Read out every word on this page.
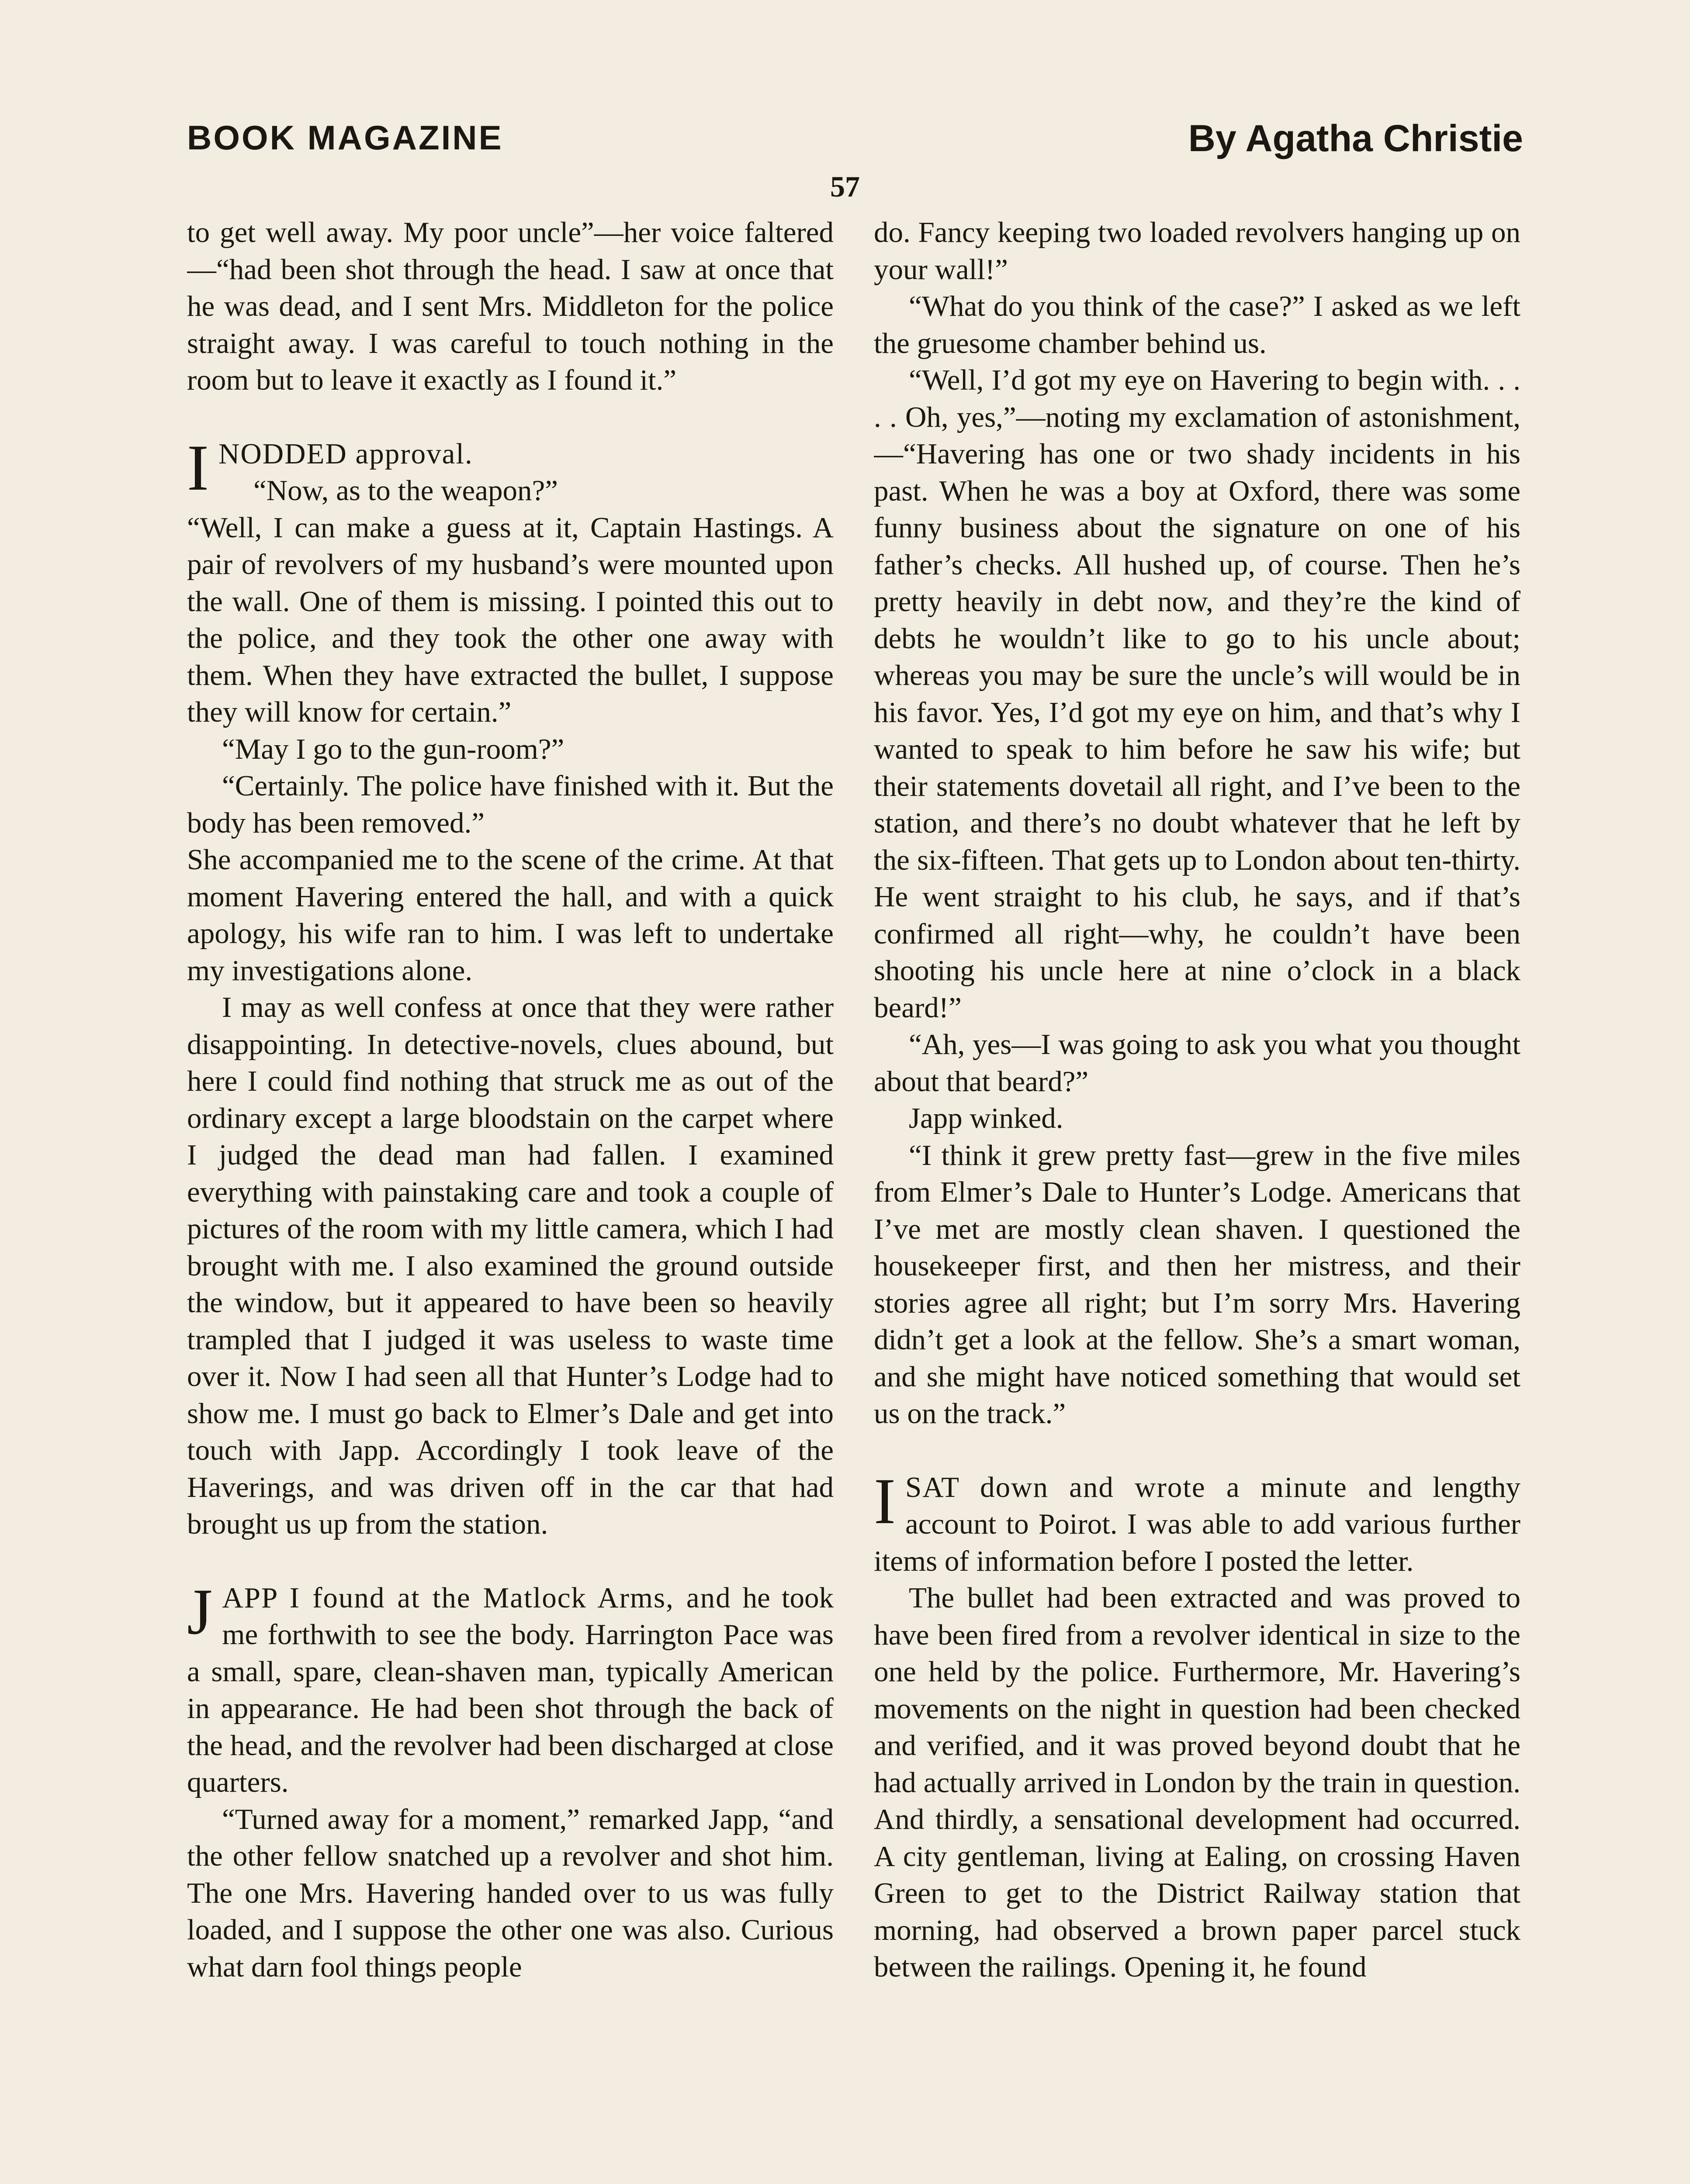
BOOK MAGAZINE	By Agatha Christie
57

to get well away. My poor uncle”—her voice faltered—“had been shot through the head. I saw at once that he was dead, and I sent Mrs. Middleton for the police straight away. I was careful to touch nothing in the room but to leave it exactly as I found it.”

I NODDED approval.

“Now, as to the weapon?”

“Well, I can make a guess at it, Captain Hastings. A pair of revolvers of my husband’s were mounted upon the wall. One of them is missing. I pointed this out to the police, and they took the other one away with them. When they have extracted the bullet, I suppose they will know for certain.”

“May I go to the gun-room?”

“Certainly. The police have finished with it. But the body has been removed.”

She accompanied me to the scene of the crime. At that moment Havering entered the hall, and with a quick apology, his wife ran to him. I was left to undertake my investigations alone.

I may as well confess at once that they were rather disappointing. In detective-novels, clues abound, but here I could find nothing that struck me as out of the ordinary except a large bloodstain on the carpet where I judged the dead man had fallen. I examined everything with painstaking care and took a couple of pictures of the room with my little camera, which I had brought with me. I also examined the ground outside the window, but it appeared to have been so heavily trampled that I judged it was useless to waste time over it. Now I had seen all that Hunter’s Lodge had to show me. I must go back to Elmer’s Dale and get into touch with Japp. Accordingly I took leave of the Haverings, and was driven off in the car that had brought us up from the station.

J APP I found at the Matlock Arms, and he took me forthwith to see the body. Harrington Pace was a small, spare, clean-shaven man, typically American in appearance. He had been shot through the back of the head, and the revolver had been discharged at close quarters.

“Turned away for a moment,” remarked Japp, “and the other fellow snatched up a revolver and shot him. The one Mrs. Havering handed over to us was fully loaded, and I suppose the other one was also. Curious what darn fool things people

do. Fancy keeping two loaded revolvers hanging up on your wall!”

“What do you think of the case?” I asked as we left the gruesome chamber behind us.

“Well, I’d got my eye on Havering to begin with. . . . . Oh, yes,”—noting my exclamation of astonishment,—“Havering has one or two shady incidents in his past. When he was a boy at Oxford, there was some funny business about the signature on one of his father’s checks. All hushed up, of course. Then he’s pretty heavily in debt now, and they’re the kind of debts he wouldn’t like to go to his uncle about; whereas you may be sure the uncle’s will would be in his favor. Yes, I’d got my eye on him, and that’s why I wanted to speak to him before he saw his wife; but their statements dovetail all right, and I’ve been to the station, and there’s no doubt whatever that he left by the six-fifteen. That gets up to London about ten-thirty. He went straight to his club, he says, and if that’s confirmed all right—why, he couldn’t have been shooting his uncle here at nine o’clock in a black beard!”

“Ah, yes—I was going to ask you what you thought about that beard?”

Japp winked.

“I think it grew pretty fast—grew in the five miles from Elmer’s Dale to Hunter’s Lodge. Americans that I’ve met are mostly clean shaven. I questioned the housekeeper first, and then her mistress, and their stories agree all right; but I’m sorry Mrs. Havering didn’t get a look at the fellow. She’s a smart woman, and she might have noticed something that would set us on the track.”

I SAT down and wrote a minute and lengthy account to Poirot. I was able to add various further items of information before I posted the letter.

The bullet had been extracted and was proved to have been fired from a revolver identical in size to the one held by the police. Furthermore, Mr. Havering’s movements on the night in question had been checked and verified, and it was proved beyond doubt that he had actually arrived in London by the train in question. And thirdly, a sensational development had occurred. A city gentleman, living at Ealing, on crossing Haven Green to get to the District Railway station that morning, had observed a brown paper parcel stuck between the railings. Opening it, he found
